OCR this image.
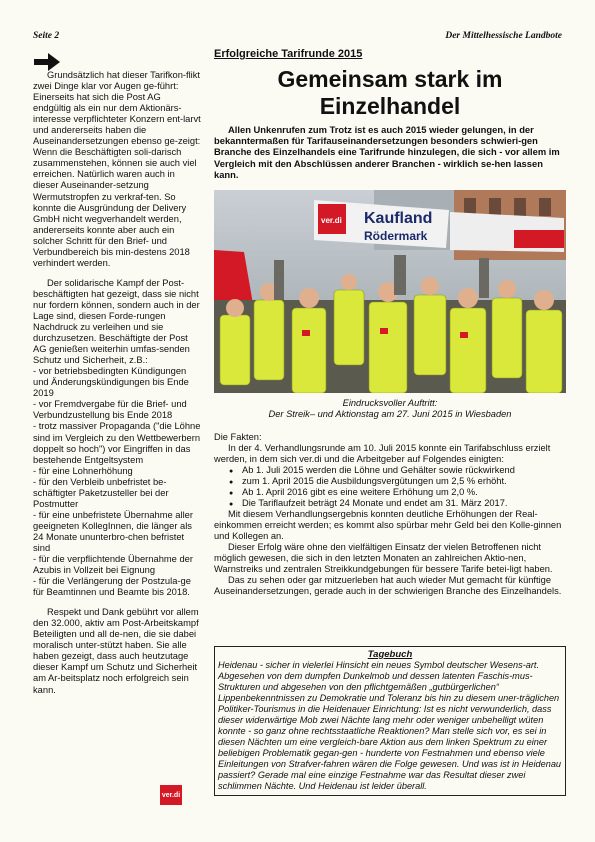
Seite 2	Der Mittelhessische Landbote

Grundsätzlich hat dieser Tarifkon-flikt zwei Dinge klar vor Augen ge-führt: Einerseits hat sich die Post AG endgültig als ein nur dem Aktionärs-interesse verpflichteter Konzern ent-larvt und andererseits haben die Auseinandersetzungen ebenso ge-zeigt: Wenn die Beschäftigten soli-darisch zusammenstehen, können sie auch viel erreichen. Natürlich waren auch in dieser Auseinander-setzung Wermutstropfen zu verkraf-ten. So konnte die Ausgründung der Delivery GmbH nicht wegverhandelt werden, andererseits konnte aber auch ein solcher Schritt für den Brief- und Verbundbereich bis min-destens 2018 verhindert werden.

Der solidarische Kampf der Post-beschäftigten hat gezeigt, dass sie nicht nur fordern können, sondern auch in der Lage sind, diesen Forde-rungen Nachdruck zu verleihen und sie durchzusetzen. Beschäftigte der Post AG genießen weiterhin umfas-senden Schutz und Sicherheit, z.B.:

- vor betriebsbedingten Kündigungen und Änderungskündigungen bis Ende 2019
- vor Fremdvergabe für die Brief- und Verbundzustellung bis Ende 2018
- trotz massiver Propaganda ("die Löhne sind im Vergleich zu den Wettbewerbern doppelt so hoch") vor Eingriffen in das bestehende Entgeltsystem
- für eine Lohnerhöhung
- für den Verbleib unbefristet be-schäftigter Paketzusteller bei der Postmutter
- für eine unbefristete Übernahme aller geeigneten KollegInnen, die länger als 24 Monate ununterbro-chen befristet sind
- für die verpflichtende Übernahme der Azubis in Vollzeit bei Eignung

- für die Verlängerung der Postzula-ge für Beamtinnen und Beamte bis 2018.

Respekt und Dank gebührt vor allem den 32.000, aktiv am Post-Arbeitskampf Beteiligten und all de-nen, die sie dabei moralisch unter-stützt haben. Sie alle haben gezeigt, dass auch heutzutage dieser Kampf um Schutz und Sicherheit am Ar-beitsplatz noch erfolgreich sein kann.

ver.di

Erfolgreiche Tarifrunde 2015

Gemeinsam stark im
Einzelhandel

Allen Unkenrufen zum Trotz ist es auch 2015 wieder gelungen, in der bekanntermaßen für Tarifauseinandersetzungen besonders schwieri-gen Branche des Einzelhandels eine Tarifrunde hinzulegen, die sich - vor allem im Vergleich mit den Abschlüssen anderer Branchen - wirklich se-hen lassen kann.

ver.di Kaufland
Rödermark
Eindrucksvoller Auftritt:
Der Streik– und Aktionstag am 27. Juni 2015 in Wiesbaden

Die Fakten:

In der 4. Verhandlungsrunde am 10. Juli 2015 konnte ein Tarifabschluss erzielt werden, in dem sich ver.di und die Arbeitgeber auf Folgendes einigten:

● Ab 1. Juli 2015 werden die Löhne und Gehälter sowie rückwirkend
● zum 1. April 2015 die Ausbildungsvergütungen um 2,5 % erhöht.
● Ab 1. April 2016 gibt es eine weitere Erhöhung um 2,0 %.
● Die Tariflaufzeit beträgt 24 Monate und endet am 31. März 2017.

Mit diesem Verhandlungsergebnis konnten deutliche Erhöhungen der Real-einkommen erreicht werden; es kommt also spürbar mehr Geld bei den Kolle-ginnen und Kollegen an.

Dieser Erfolg wäre ohne den vielfältigen Einsatz der vielen Betroffenen nicht möglich gewesen, die sich in den letzten Monaten an zahlreichen Aktio-nen, Warnstreiks und zentralen Streikkundgebungen für bessere Tarife betei-ligt haben.

Das zu sehen oder gar mitzuerleben hat auch wieder Mut gemacht für künftige Auseinandersetzungen, gerade auch in der schwierigen Branche des Einzelhandels.

Tagebuch

Heidenau - sicher in vielerlei Hinsicht ein neues Symbol deutscher Wesens-art. Abgesehen von dem dumpfen Dunkelmob und dessen latenten Faschis-mus-Strukturen und abgesehen von den pflichtgemäßen „gutbürgerlichen“ Lippenbekenntnissen zu Demokratie und Toleranz bis hin zu diesem uner-träglichen Politiker-Tourismus in die Heidenauer Einrichtung: Ist es nicht verwunderlich, dass dieser widerwärtige Mob zwei Nächte lang mehr oder weniger unbehelligt wüten konnte - so ganz ohne rechtsstaatliche Reaktionen? Man stelle sich vor, es sei in diesen Nächten um eine vergleich-bare Aktion aus dem linken Spektrum zu einer beliebigen Problematik gegan-gen - hunderte von Festnahmen und ebenso viele Einleitungen von Strafver-fahren wären die Folge gewesen. Und was ist in Heidenau passiert? Gerade mal eine einzige Festnahme war das Resultat dieser zwei schlimmen Nächte. Und Heidenau ist leider überall.
